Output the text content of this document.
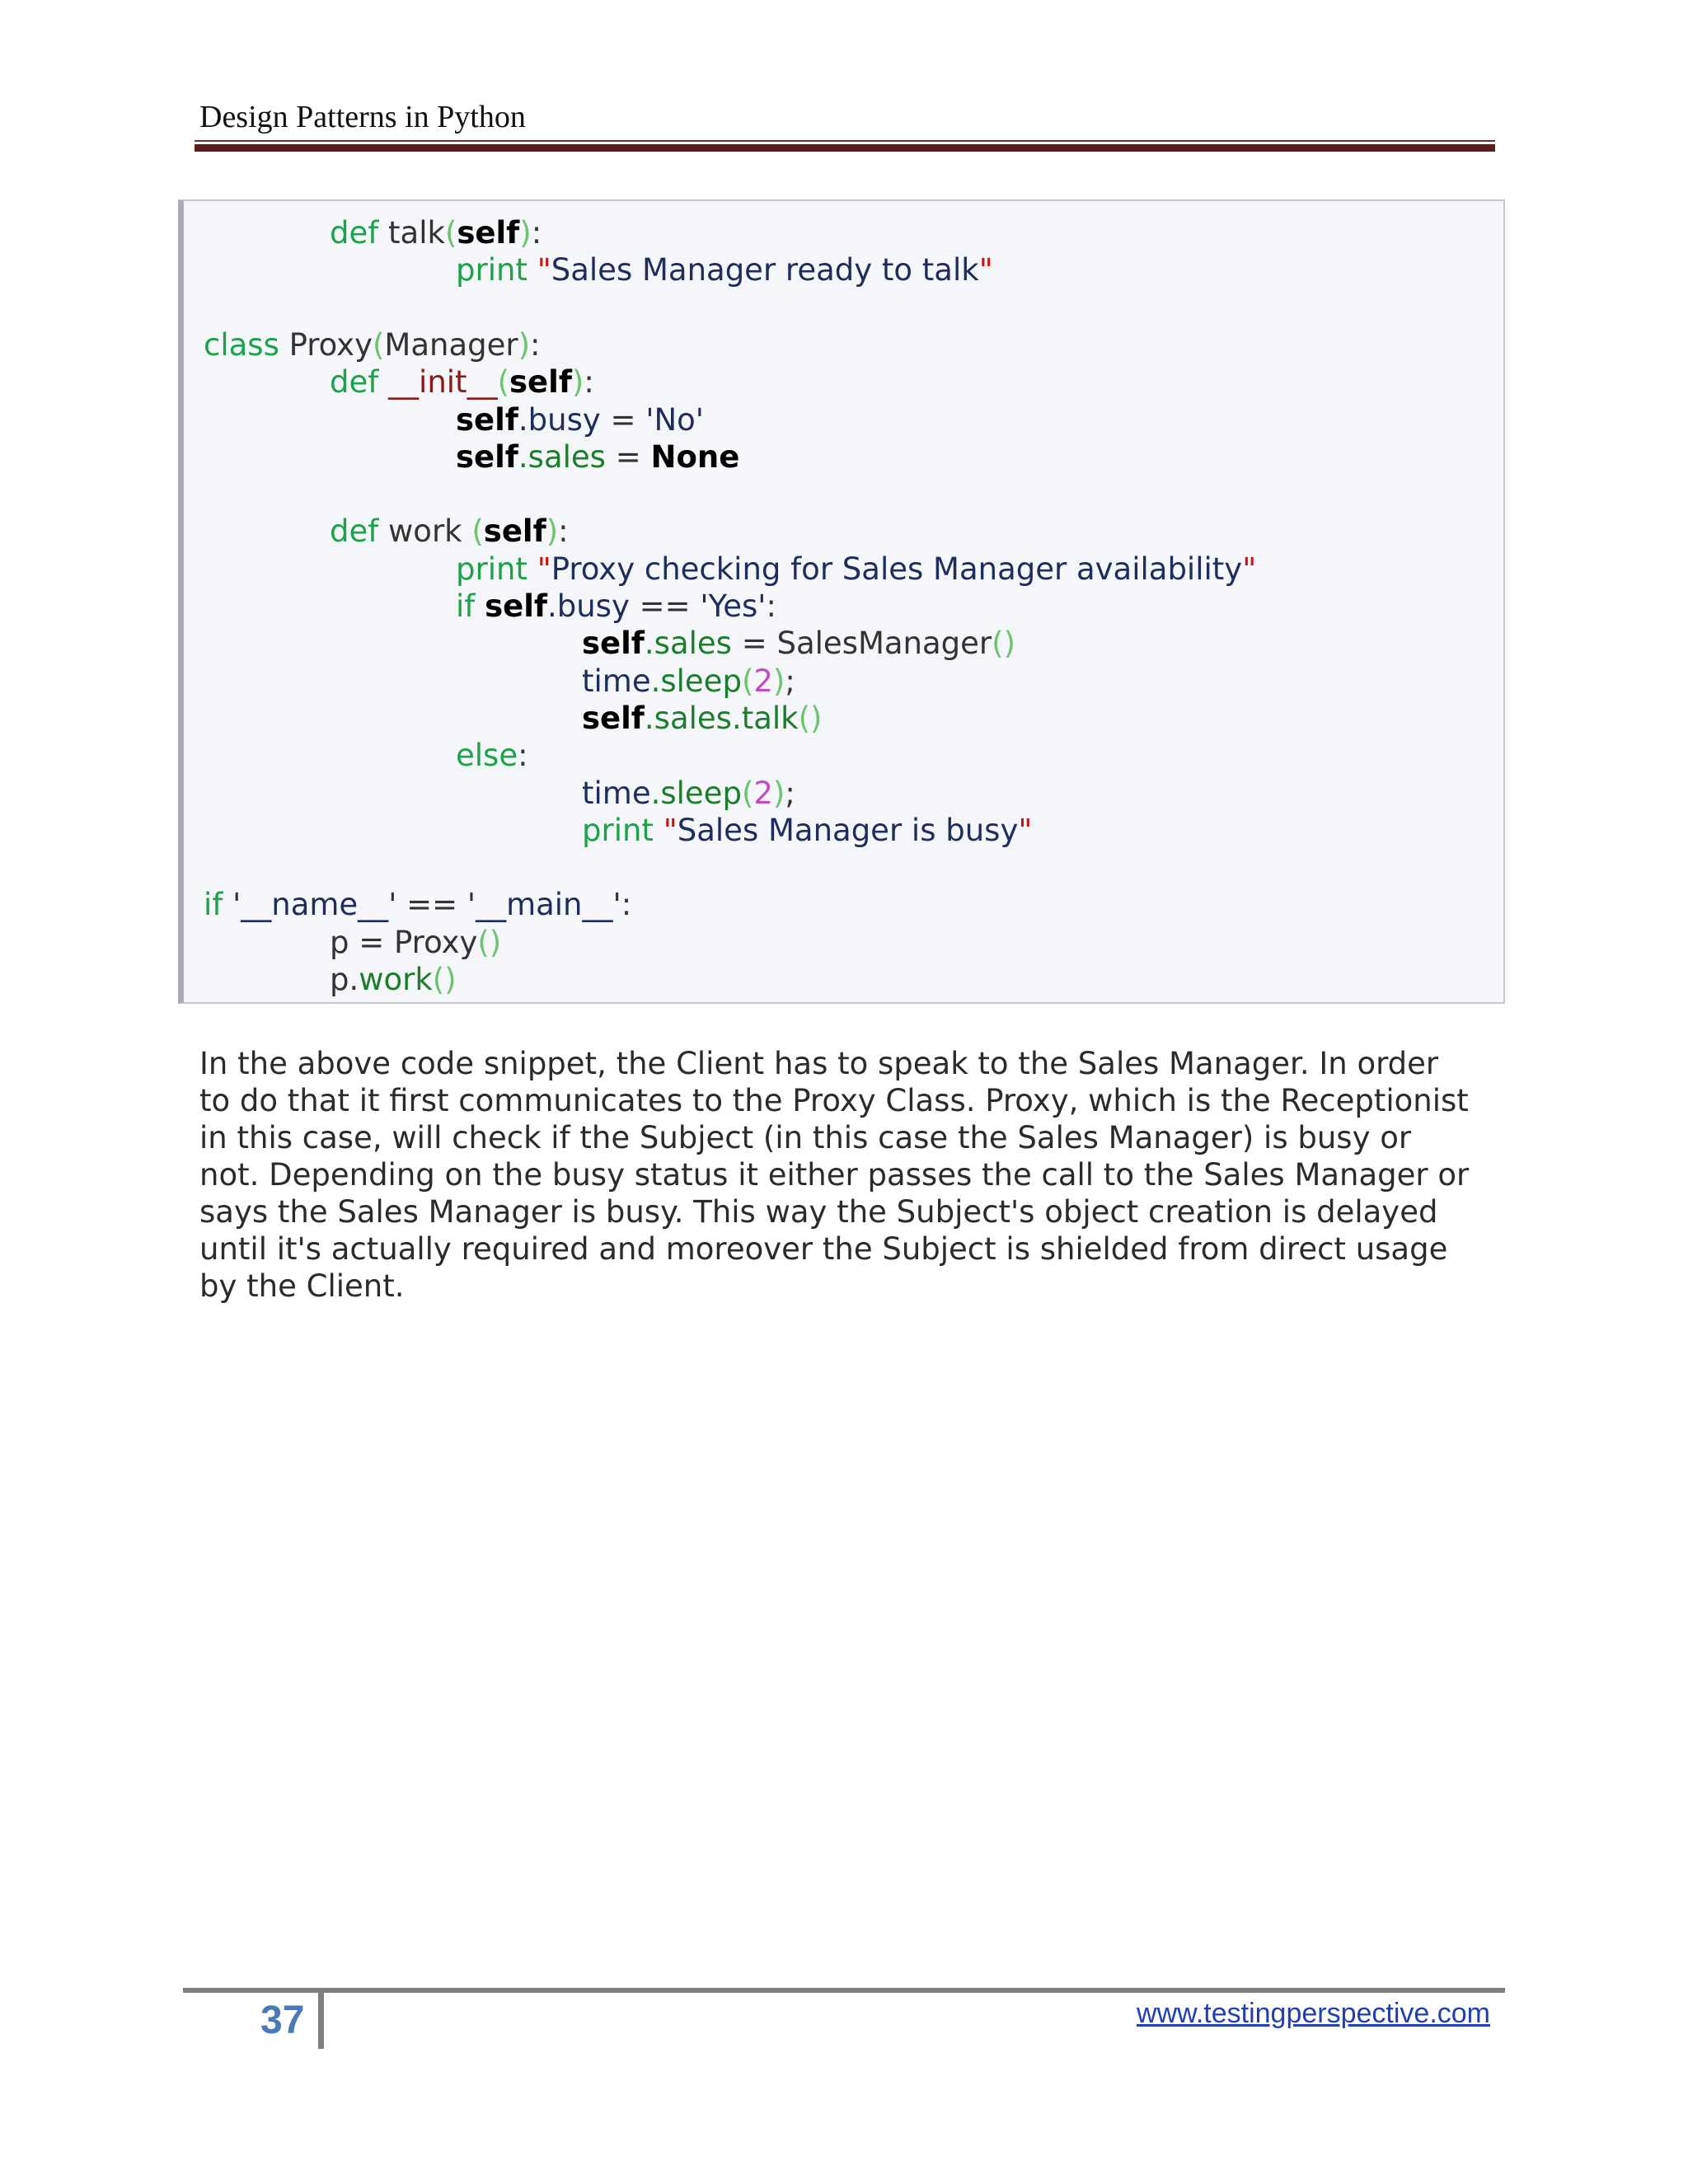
Design Patterns in Python
def talk(self):
print "Sales Manager ready to talk"
class Proxy(Manager):
def __init__(self):
self.busy = 'No'
self.sales = None
def work (self):
print "Proxy checking for Sales Manager availability"
if self.busy == 'Yes':
self.sales = SalesManager()
time.sleep(2);
self.sales.talk()
else:
time.sleep(2);
print "Sales Manager is busy"
if '__name__' == '__main__':
p = Proxy()
p.work()
In the above code snippet, the Client has to speak to the Sales Manager. In order
to do that it first communicates to the Proxy Class. Proxy, which is the Receptionist
in this case, will check if the Subject (in this case the Sales Manager) is busy or
not. Depending on the busy status it either passes the call to the Sales Manager or
says the Sales Manager is busy. This way the Subject's object creation is delayed
until it's actually required and moreover the Subject is shielded from direct usage
by the Client.
37	www.testingperspective.com
